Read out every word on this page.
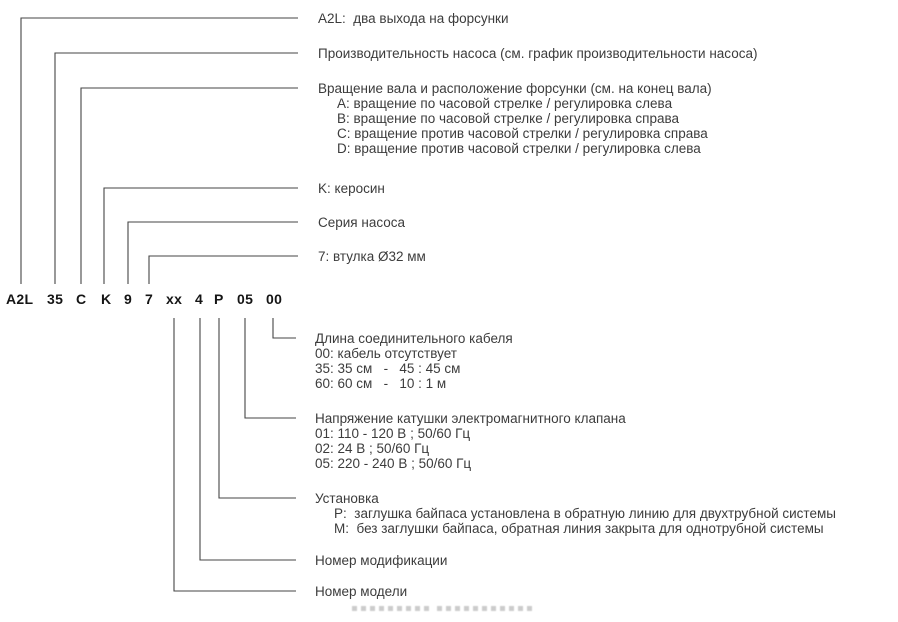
A2L 35 C K 9 7 xx 4 P 05 00
A2L:  два выхода на форсунки
Производительность насоса (см. график производительности насоса)
Вращение вала и расположение форсунки (см. на конец вала)
A: вращение по часовой стрелке / регулировка слева
B: вращение по часовой стрелке / регулировка справа
C: вращение против часовой стрелки / регулировка справа
D: вращение против часовой стрелки / регулировка слева
K: керосин
Серия насоса
7: втулка Ø32 мм
Длина соединительного кабеля
00: кабель отсутствует
35: 35 см   -   45 : 45 см
60: 60 см   -   10 : 1 м
Напряжение катушки электромагнитного клапана
01: 110 - 120 В ; 50/60 Гц
02: 24 В ; 50/60 Гц
05: 220 - 240 В ; 50/60 Гц
Установка
P:  заглушка байпаса установлена в обратную линию для двухтрубной системы
M:  без заглушки байпаса, обратная линия закрыта для однотрубной системы
Номер модификации
Номер модели
